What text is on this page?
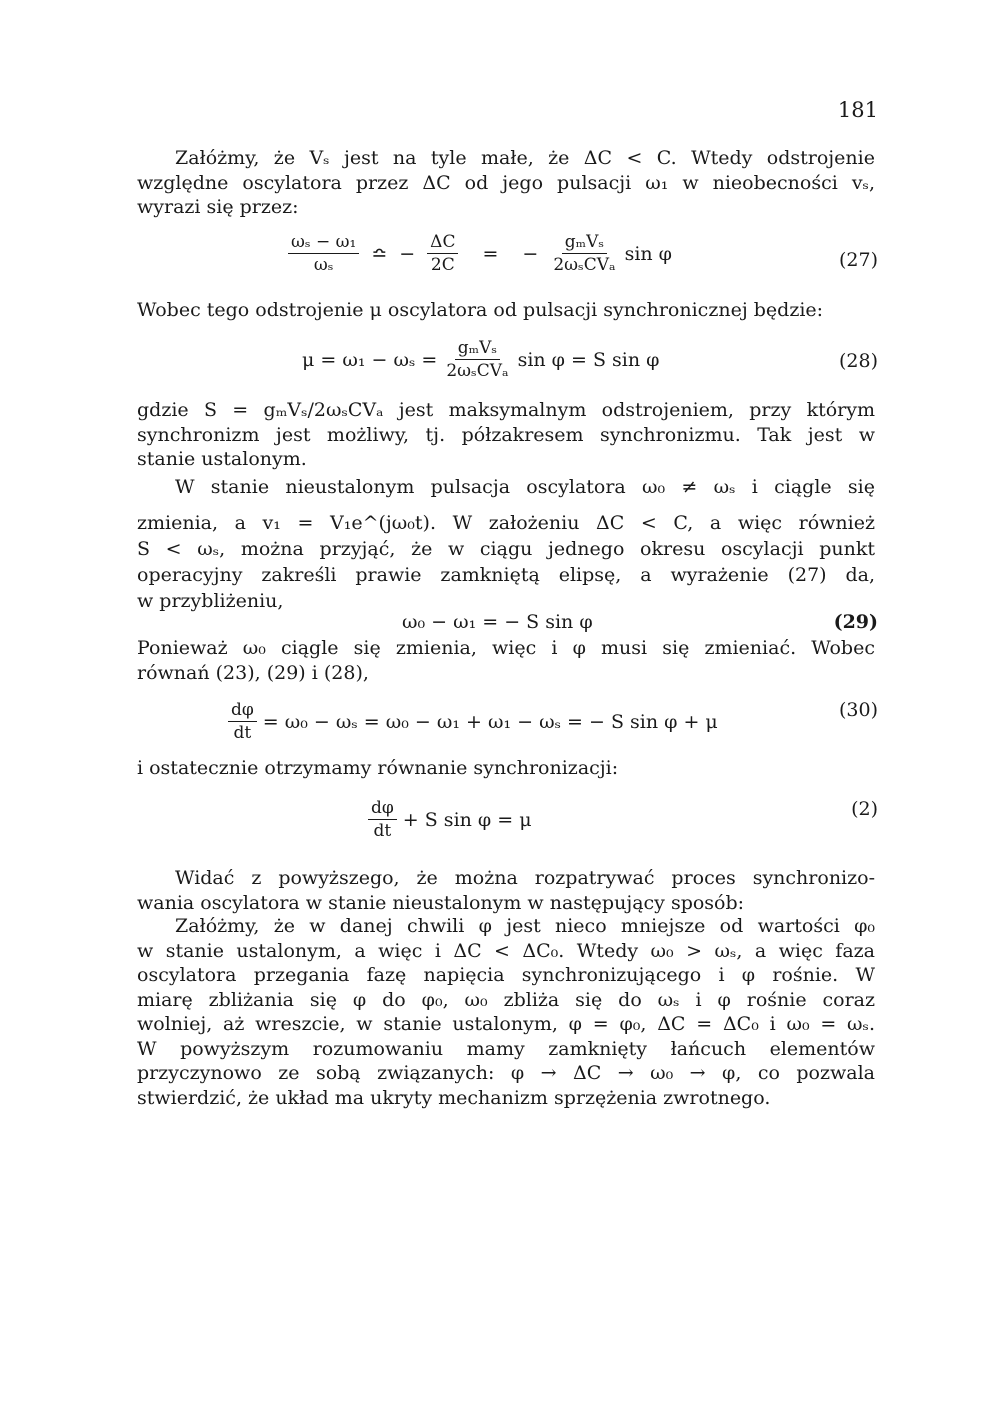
181
Załóżmy, że Vₛ jest na tyle małe, że ΔC < C. Wtedy odstrojenie
względne oscylatora przez ΔC od jego pulsacji ω₁ w nieobecności vₛ,
wyrazi się przez:
$\frac{\text{ωₛ − ω₁}}{\text{ωₛ}}$ ≏ − $\frac{\Delta C}{2C}$ = − $\frac{\text{gₘVₛ}}{\text{2ωₛCVₐ}}$ sin φ	(27)
Wobec tego odstrojenie μ oscylatora od pulsacji synchronicznej będzie:
$\mu = \omega_1 - \omega_s = \frac{\text{gₘVₛ}}{\text{2ωₛCVₐ}}$ sin φ = S sin φ	(28)
gdzie S = gₘVₛ/2ωₛCVₐ jest maksymalnym odstrojeniem, przy którym
synchronizm jest możliwy, tj. półzakresem synchronizmu. Tak jest w
stanie ustalonym.
W stanie nieustalonym pulsacja oscylatora ω₀ ≠ ωₛ i ciągle się
zmienia, a v₁ = V₁e^(jω₀t). W założeniu ΔC < C, a więc również
S < ωₛ, można przyjąć, że w ciągu jednego okresu oscylacji punkt
operacyjny zakreśli prawie zamkniętą elipsę, a wyrażenie (27) da,
w przybliżeniu,
ω₀ − ω₁ = − S sin φ	(29)
Ponieważ ω₀ ciągle się zmienia, więc i φ musi się zmieniać. Wobec
równań (23), (29) i (28),
$\frac{d\varphi}{dt} = \omega_0 - \omega_s = \omega_0 - \omega_1 + \omega_1 - \omega_s$ = − S sin φ + μ
(30)
i ostatecznie otrzymamy równanie synchronizacji:
$\frac{d\varphi}{dt} + S$ sin φ = μ	(2)
Widać z powyższego, że można rozpatrywać proces synchronizo-
wania oscylatora w stanie nieustalonym w następujący sposób:
Załóżmy, że w danej chwili φ jest nieco mniejsze od wartości φ₀
w stanie ustalonym, a więc i ΔC < ΔC₀. Wtedy ω₀ > ωₛ, a więc faza
oscylatora przegania fazę napięcia synchronizującego i φ rośnie. W
miarę zbliżania się φ do φ₀, ω₀ zbliża się do ωₛ i φ rośnie coraz
wolniej, aż wreszcie, w stanie ustalonym, φ = φ₀, ΔC = ΔC₀ i ω₀ = ωₛ.
W powyższym rozumowaniu mamy zamknięty łańcuch elementów
przyczynowo ze sobą związanych: φ → ΔC → ω₀ → φ, co pozwala
stwierdzić, że układ ma ukryty mechanizm sprzężenia zwrotnego.
